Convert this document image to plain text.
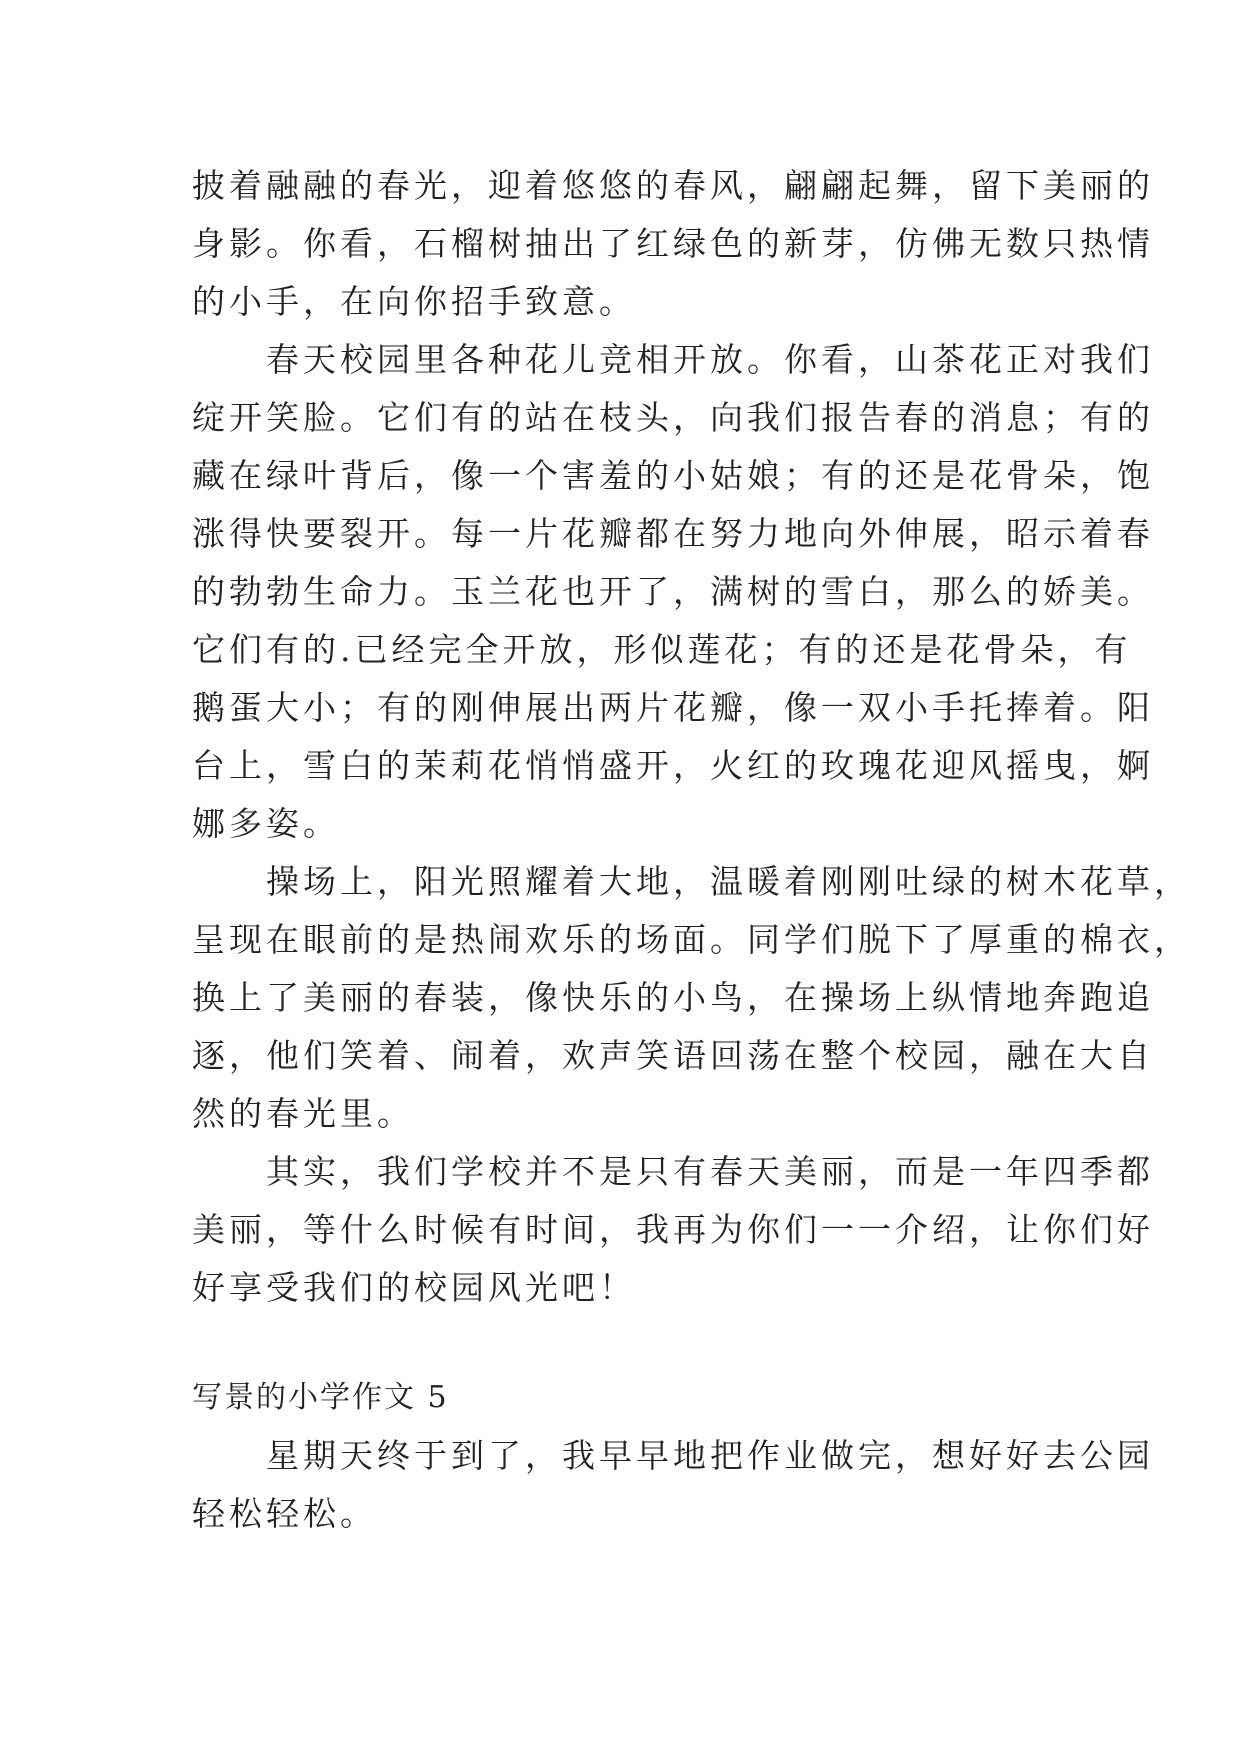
披着融融的春光，迎着悠悠的春风，翩翩起舞，留下美丽的
身影。你看，石榴树抽出了红绿色的新芽，仿佛无数只热情
的小手，在向你招手致意。
　　春天校园里各种花儿竞相开放。你看，山茶花正对我们
绽开笑脸。它们有的站在枝头，向我们报告春的消息；有的
藏在绿叶背后，像一个害羞的小姑娘；有的还是花骨朵，饱
涨得快要裂开。每一片花瓣都在努力地向外伸展，昭示着春
的勃勃生命力。玉兰花也开了，满树的雪白，那么的娇美。
它们有的.已经完全开放，形似莲花；有的还是花骨朵，有
鹅蛋大小；有的刚伸展出两片花瓣，像一双小手托捧着。阳
台上，雪白的茉莉花悄悄盛开，火红的玫瑰花迎风摇曳，婀
娜多姿。
　　操场上，阳光照耀着大地，温暖着刚刚吐绿的树木花草，
呈现在眼前的是热闹欢乐的场面。同学们脱下了厚重的棉衣，
换上了美丽的春装，像快乐的小鸟，在操场上纵情地奔跑追
逐，他们笑着、闹着，欢声笑语回荡在整个校园，融在大自
然的春光里。
　　其实，我们学校并不是只有春天美丽，而是一年四季都
美丽，等什么时候有时间，我再为你们一一介绍，让你们好
好享受我们的校园风光吧！
写景的小学作文 5
　　星期天终于到了，我早早地把作业做完，想好好去公园
轻松轻松。
